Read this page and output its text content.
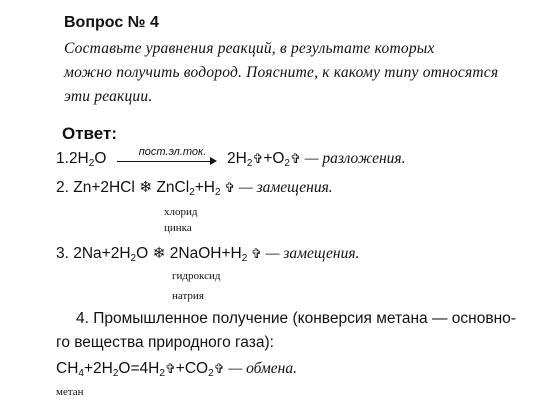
Вопрос № 4
Составьте уравнения реакций, в результате которых
можно получить водород. Поясните, к какому типу относятся
эти реакции.
Ответ:
$1.2H_2O$	пост.эл.ток. $2H_2✞+O_2✞$ — разложения.
2. Zn+2HCl ❄ $ZnCl_2+H_2$ ✞ — замещения.
хлорид
цинка
3. $2Na+2H_2O$ ❄ $2NaOH+H_2$ ✞ — замещения.
гидроксид
натрия
4. Промышленное получение (конверсия метана — основно-
го вещества природного газа):
$CH_4+2H_2O=4H_2✞+CO_2✞$ — обмена.
метан
